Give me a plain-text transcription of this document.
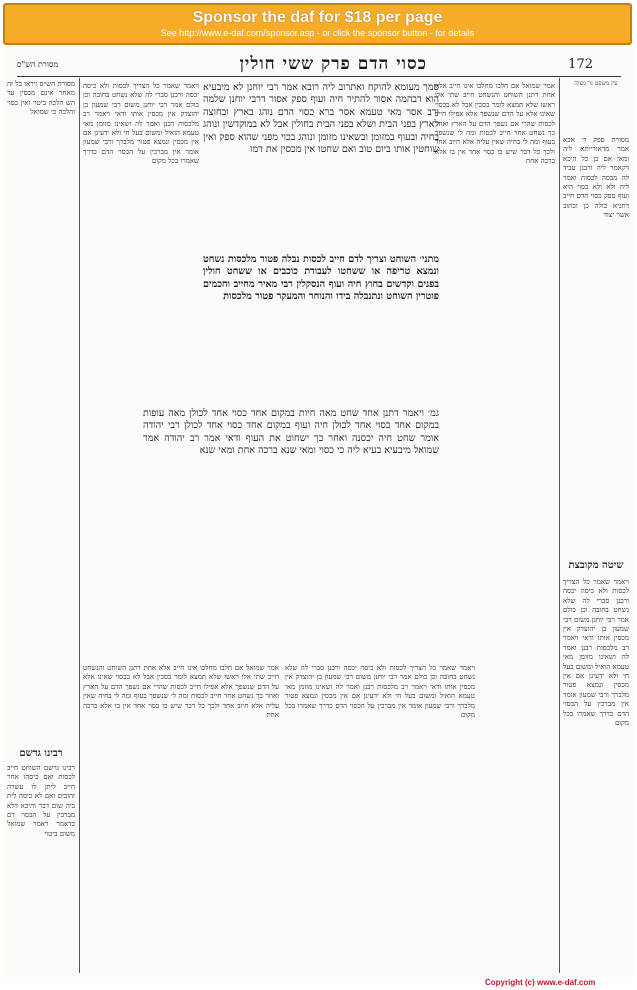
Sponsor the daf for $18 per page
See http://www.e-daf.com/sponsor.asp - or click the sponsor button - for details
172
כסוי הדם פרק ששי חולין
מסורת הש"ס
עין משפט נר מצוה
מסורת ספק ר׳ אבא אמר מדאורייתא ליה ומאי אם כן כל היכא דקאמר ליה ורבנן עביד לה מכסה לכסות ואמר ליה ולא ולא כסוי היא ועוף ספק כסוי הדם חייב דתניא כולה כן וכתוב אשר יצוד
שיטה מקובצת
ויאמר שאמר כל הצריך לכסות ולא כיסה יכסה ורבנן סברי לה שלא נשחט בחובה וכן כולם אמר רבי יוחנן משום רבי שמעון בן יהוצדק אין מכסין אותו ודאי ויאמר רב מלכסות רבנן ואמר לה ושאינו מזומן מאי טעמא הואיל ומשום בעל חי ולא ידעינן אם אין מכסין ונמצא פטור מלברך ורבי שמעון אומר אין מברכין על הכסוי הדם כדרך שאמרו בכל מקום
מסורת הש״ס ויראו כל זה מאחר אינם מכסין עד הש הלכה ביטוי ואין כסוי והלכה כי שמואל
רבינו גרשם
רבינו גרשם השוחט חייב לכסות ואם כיסהו אחר חייב ליתן לו עשרה זהובים ואם לא כיסה לית ביה שום דבר והיכא דלא מברכין על הכסוי דם כדאמר ויאמר שמואל משום ביטוי
אמר שמואל אם חלבו מחלבו אינו חייב אלא אחת דתנן השוחט והנשחט חייב שתי אלו ראשו שלא תמצא לומר בסכין אבל לא בכסוי שאינו אלא על הדם שנשפך אלא אפילו חייב לכסות שהרי אם נשפך הדם על הארץ ואחר כך נשחט אחר חייב לכסות ומה לי שנשפך בעוף ומה לי בחיה שאין עליה אלא חיוב אחד ולכך כל דבר שיש בו כסוי אחד אין בו אלא ברכה אחת
ויאמר שאמר כל הצריך לכסות ולא כיסה יכסה ורבנן סברי לה שלא נשחט בחובה וכן כולם אמר רבי יוחנן משום רבי שמעון בן יהוצדק אין מכסין אותו ודאי ויאמר רב מלכסות רבנן ואמר לה ושאינו מזומן מאי טעמא הואיל ומשום בעל חי ולא ידעינן אם אין מכסין ונמצא פטור מלברך ורבי שמעון אומר אין מברכין על הכסוי הדם כדרך שאמרו בכל מקום
סמך מעומא להוקח ואתרוב ליה רובא אמר רבי יוחנן לא מיבעיא הוא דבהמה אסור להתיר חיה ועוף ספק אסור דרבי יוחנן שלמה ורב אסר מאי טעמא אסר ברא כסוי הדם נוהג בארץ ובחוצה לארץ בפני הבית ושלא בפני הבית בחולין אבל לא במוקדשין ונוהג בחיה ובעוף במזומן ובשאינו מזומן ונוהג בכוי מפני שהוא ספק ואין שוחטין אותו ביום טוב ואם שחטו אין מכסין את דמו
מתני׳ השוחט וצריך לדם חייב לכסות נבלה פטור מלכסות נשחט ונמצא טריפה או ששחטו לעבודת כוכבים או ששחט חולין בפנים וקדשים בחוץ חיה ועוף הנסקלין רבי מאיר מחייב וחכמים פוטרין השוחט ונתנבלה בידו והנוחר והמעקר פטור מלכסות
גמ׳ ויאמר דתנן אחד שחט מאה חיות במקום אחד כסוי אחד לכולן מאה עופות במקום אחד כסוי אחד לכולן חיה ועוף במקום אחד כסוי אחד לכולן רבי יהודה אומר שחט חיה יכסנה ואחר כך ישחוט את העוף ודאי אמר רב יהודה אמר שמואל מיבעיא בעיא ליה כי כסוי ומאי שנא ברכה אחת ומאי שנא
אמר שמואל אם חלבו מחלבו אינו חייב אלא אחת דתנן השוחט והנשחט חייב שתי אלו ראשו שלא תמצא לומר בסכין אבל לא בכסוי שאינו אלא על הדם שנשפך אלא אפילו חייב לכסות שהרי אם נשפך הדם על הארץ ואחר כך נשחט אחר חייב לכסות ומה לי שנשפך בעוף ומה לי בחיה שאין עליה אלא חיוב אחד ולכך כל דבר שיש בו כסוי אחד אין בו אלא ברכה אחת
ויאמר שאמר כל הצריך לכסות ולא כיסה יכסה ורבנן סברי לה שלא נשחט בחובה וכן כולם אמר רבי יוחנן משום רבי שמעון בן יהוצדק אין מכסין אותו ודאי ויאמר רב מלכסות רבנן ואמר לה ושאינו מזומן מאי טעמא הואיל ומשום בעל חי ולא ידעינן אם אין מכסין ונמצא פטור מלברך ורבי שמעון אומר אין מברכין על הכסוי הדם כדרך שאמרו בכל מקום
Copyright (c) www.e-daf.com
